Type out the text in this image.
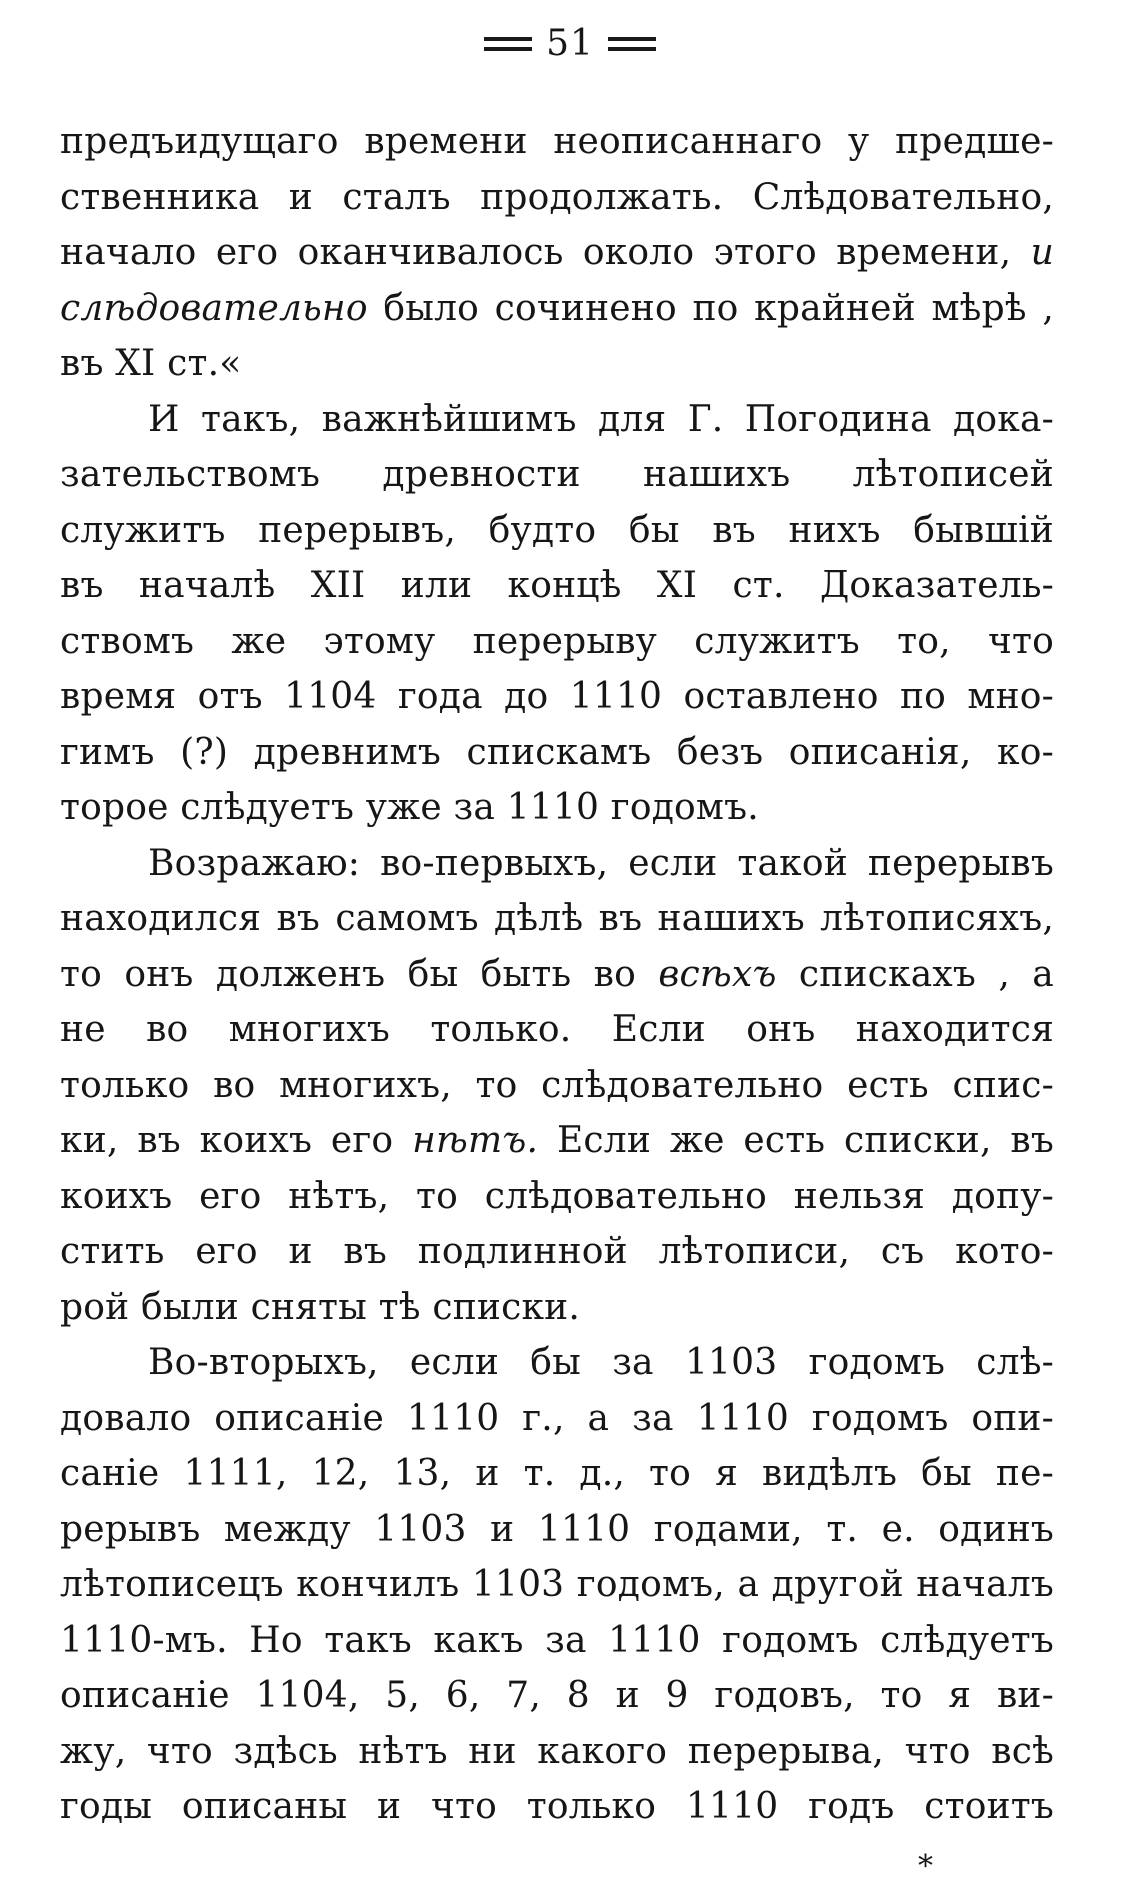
51
предъидущаго времени неописаннаго у предше-
ственника и сталъ продолжать. Слѣдовательно,
начало его оканчивалось около этого времени, и
слѣдовательно было сочинено по крайней мѣрѣ ,
въ XI ст.«
И такъ, важнѣйшимъ для Г. Погодина дока-
зательствомъ древности нашихъ лѣтописей
служитъ перерывъ, будто бы въ нихъ бывшій
въ началѣ XII или концѣ XI ст. Доказатель-
ствомъ же этому перерыву служитъ то, что
время отъ 1104 года до 1110 оставлено по мно-
гимъ (?) древнимъ спискамъ безъ описанія, ко-
торое слѣдуетъ уже за 1110 годомъ.
Возражаю: во-первыхъ, если такой перерывъ
находился въ самомъ дѣлѣ въ нашихъ лѣтописяхъ,
то онъ долженъ бы быть во всѣхъ спискахъ , а
не во многихъ только. Если онъ находится
только во многихъ, то слѣдовательно есть спис-
ки, въ коихъ его нѣтъ. Если же есть списки, въ
коихъ его нѣтъ, то слѣдовательно нельзя допу-
стить его и въ подлинной лѣтописи, съ кото-
рой были сняты тѣ списки.
Во-вторыхъ, если бы за 1103 годомъ слѣ-
довало описаніе 1110 г., а за 1110 годомъ опи-
саніе 1111, 12, 13, и т. д., то я видѣлъ бы пе-
рерывъ между 1103 и 1110 годами, т. е. одинъ
лѣтописецъ кончилъ 1103 годомъ, а другой началъ
1110-мъ. Но такъ какъ за 1110 годомъ слѣдуетъ
описаніе 1104, 5, 6, 7, 8 и 9 годовъ, то я ви-
жу, что здѣсь нѣтъ ни какого перерыва, что всѣ
годы описаны и что только 1110 годъ стоитъ
*
